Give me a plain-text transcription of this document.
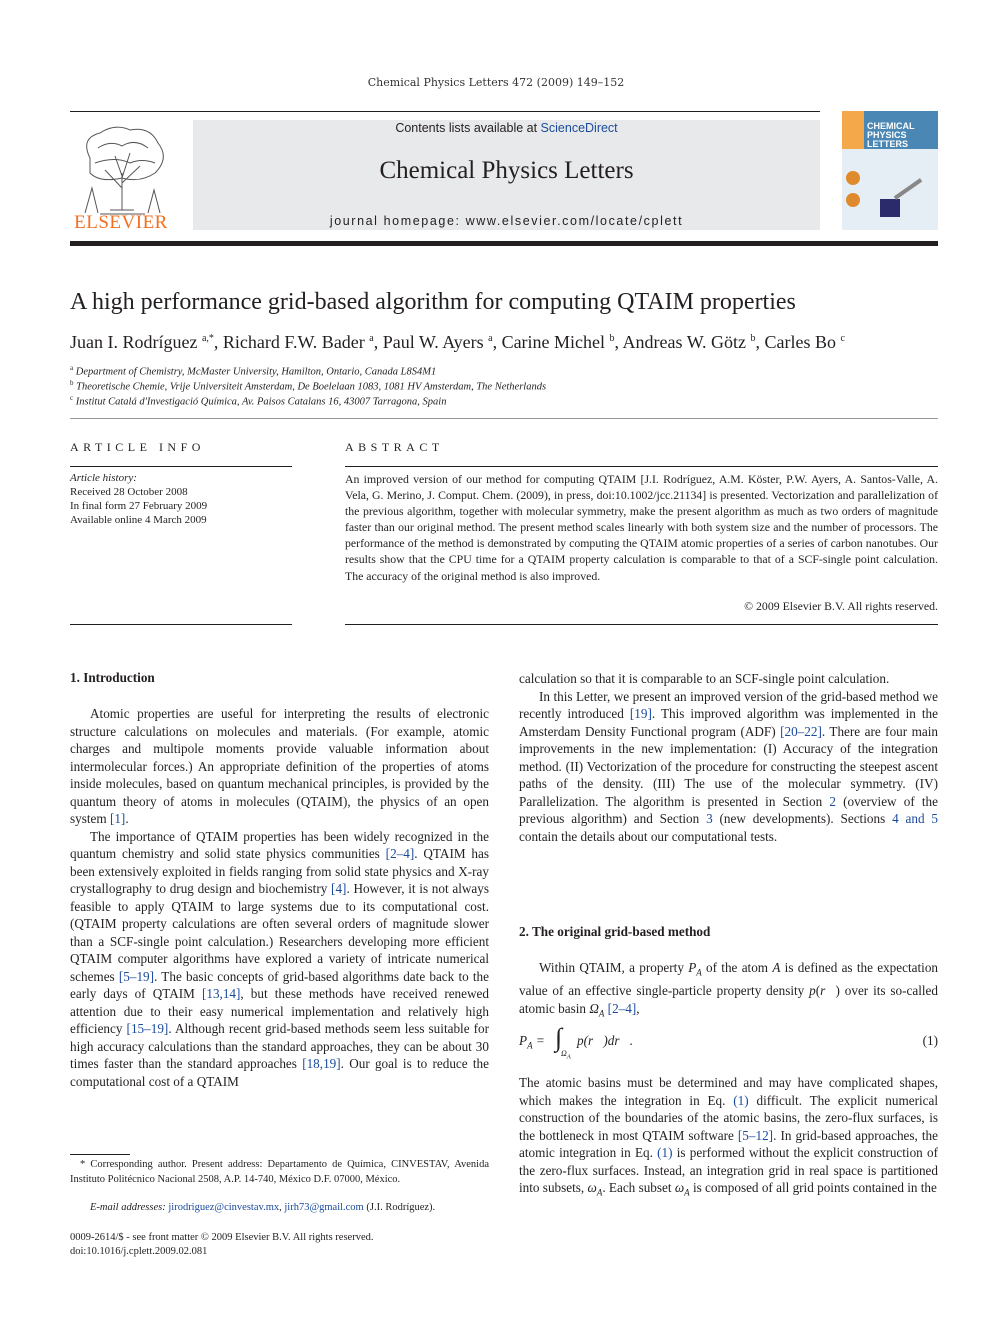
Chemical Physics Letters 472 (2009) 149–152
ELSEVIER
Contents lists available at ScienceDirect
Chemical Physics Letters
journal homepage: www.elsevier.com/locate/cplett
CHEMICAL
PHYSICS
LETTERS
A high performance grid-based algorithm for computing QTAIM properties
Juan I. Rodríguez $^{a,*}$, Richard F.W. Bader $^a$, Paul W. Ayers $^a$, Carine Michel $^b$, Andreas W. Götz $^b$, Carles Bo $^c$
$^a$ Department of Chemistry, McMaster University, Hamilton, Ontario, Canada L8S4M1
$^b$ Theoretische Chemie, Vrije Universiteit Amsterdam, De Boelelaan 1083, 1081 HV Amsterdam, The Netherlands
$^c$ Institut Catalá d'Investigació Química, Av. Paisos Catalans 16, 43007 Tarragona, Spain
ARTICLE INFO
Article history:
Received 28 October 2008
In final form 27 February 2009
Available online 4 March 2009
ABSTRACT
An improved version of our method for computing QTAIM [J.I. Rodríguez, A.M. Köster, P.W. Ayers, A. Santos-Valle, A. Vela, G. Merino, J. Comput. Chem. (2009), in press, doi:10.1002/jcc.21134] is presented. Vectorization and parallelization of the previous algorithm, together with molecular symmetry, make the present algorithm as much as two orders of magnitude faster than our original method. The present method scales linearly with both system size and the number of processors. The performance of the method is demonstrated by computing the QTAIM atomic properties of a series of carbon nanotubes. Our results show that the CPU time for a QTAIM property calculation is comparable to that of a SCF-single point calculation. The accuracy of the original method is also improved.
© 2009 Elsevier B.V. All rights reserved.
1. Introduction

Atomic properties are useful for interpreting the results of electronic structure calculations on molecules and materials. (For example, atomic charges and multipole moments provide valuable information about intermolecular forces.) An appropriate definition of the properties of atoms inside molecules, based on quantum mechanical principles, is provided by the quantum theory of atoms in molecules (QTAIM), the physics of an open system [1].

The importance of QTAIM properties has been widely recognized in the quantum chemistry and solid state physics communities [2–4]. QTAIM has been extensively exploited in fields ranging from solid state physics and X-ray crystallography to drug design and biochemistry [4]. However, it is not always feasible to apply QTAIM to large systems due to its computational cost. (QTAIM property calculations are often several orders of magnitude slower than a SCF-single point calculation.) Researchers developing more efficient QTAIM computer algorithms have explored a variety of intricate numerical schemes [5–19]. The basic concepts of grid-based algorithms date back to the early days of QTAIM [13,14], but these methods have received renewed attention due to their easy numerical implementation and relatively high efficiency [15–19]. Although recent grid-based methods seem less suitable for high accuracy calculations than the standard approaches, they can be about 30 times faster than the standard approaches [18,19]. Our goal is to reduce the computational cost of a QTAIM

* Corresponding author. Present address: Departamento de Química, CINVESTAV, Avenida Instituto Politécnico Nacional 2508, A.P. 14-740, México D.F. 07000, México.
E-mail addresses: jirodriguez@cinvestav.mx, jirh73@gmail.com (J.I. Rodríguez).
0009-2614/$ - see front matter © 2009 Elsevier B.V. All rights reserved.
doi:10.1016/j.cplett.2009.02.081

calculation so that it is comparable to an SCF-single point calculation.

In this Letter, we present an improved version of the grid-based method we recently introduced [19]. This improved algorithm was implemented in the Amsterdam Density Functional program (ADF) [20–22]. There are four main improvements in the new implementation: (I) Accuracy of the integration method. (II) Vectorization of the procedure for constructing the steepest ascent paths of the density. (III) The use of the molecular symmetry. (IV) Parallelization. The algorithm is presented in Section 2 (overview of the previous algorithm) and Section 3 (new developments). Sections 4 and 5 contain the details about our computational tests.

2. The original grid-based method

Within QTAIM, a property $P_A$ of the atom A is defined as the expectation value of an effective single-particle property density p(r⃗) over its so-called atomic basin $\Omega_A$ [2–4],

$P_A$ = ∫
$\Omega_A$
p(r⃗)dr⃗.	(1)

The atomic basins must be determined and may have complicated shapes, which makes the integration in Eq. (1) difficult. The explicit numerical construction of the boundaries of the atomic basins, the zero-flux surfaces, is the bottleneck in most QTAIM software [5–12]. In grid-based approaches, the atomic integration in Eq. (1) is performed without the explicit construction of the zero-flux surfaces. Instead, an integration grid in real space is partitioned into subsets, $\omega_A$. Each subset $\omega_A$ is composed of all grid points contained in the
